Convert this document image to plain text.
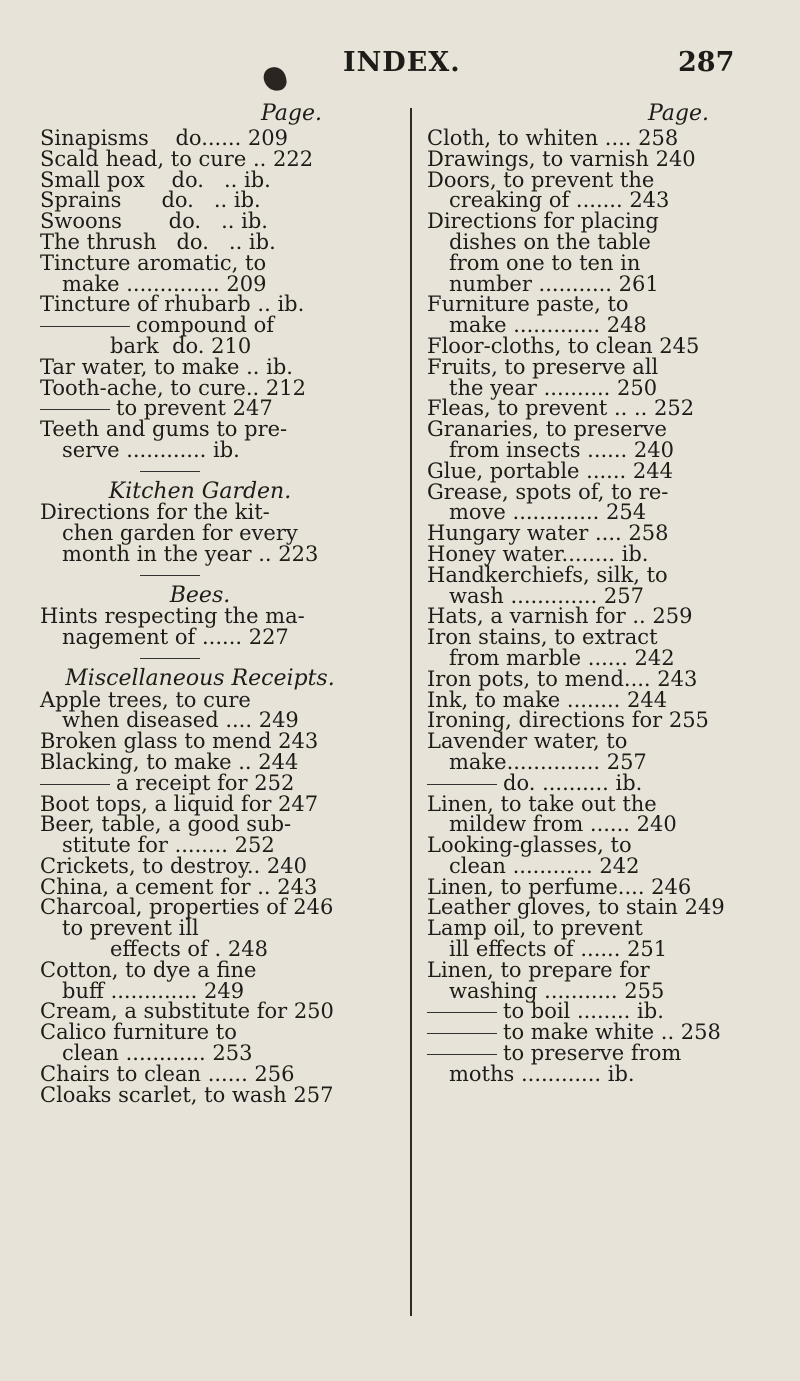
INDEX.	287
Page.
Sinapisms    do...... 209
Scald head, to cure .. 222
Small pox    do.   .. ib.
Sprains      do.   .. ib.
Swoons       do.   .. ib.
The thrush   do.   .. ib.
Tincture aromatic, to
make .............. 209
Tincture of rhubarb .. ib.
compound of
bark  do. 210
Tar water, to make .. ib.
Tooth-ache, to cure.. 212
to prevent 247
Teeth and gums to pre-
serve ............ ib.
Kitchen Garden.
Directions for the kit-
chen garden for every
month in the year .. 223
Bees.
Hints respecting the ma-
nagement of ...... 227
Miscellaneous Receipts.
Apple trees, to cure
when diseased .... 249
Broken glass to mend 243
Blacking, to make .. 244
a receipt for 252
Boot tops, a liquid for 247
Beer, table, a good sub-
stitute for ........ 252
Crickets, to destroy.. 240
China, a cement for .. 243
Charcoal, properties of 246
to prevent ill
effects of . 248
Cotton, to dye a fine
buff ............. 249
Cream, a substitute for 250
Calico furniture to
clean ............ 253
Chairs to clean ...... 256
Cloaks scarlet, to wash 257
Page.
Cloth, to whiten .... 258
Drawings, to varnish 240
Doors, to prevent the
creaking of ....... 243
Directions for placing
dishes on the table
from one to ten in
number ........... 261
Furniture paste, to
make ............. 248
Floor-cloths, to clean 245
Fruits, to preserve all
the year .......... 250
Fleas, to prevent .. .. 252
Granaries, to preserve
from insects ...... 240
Glue, portable ...... 244
Grease, spots of, to re-
move ............. 254
Hungary water .... 258
Honey water........ ib.
Handkerchiefs, silk, to
wash ............. 257
Hats, a varnish for .. 259
Iron stains, to extract
from marble ...... 242
Iron pots, to mend.... 243
Ink, to make ........ 244
Ironing, directions for 255
Lavender water, to
make.............. 257
do. .......... ib.
Linen, to take out the
mildew from ...... 240
Looking-glasses, to
clean ............ 242
Linen, to perfume.... 246
Leather gloves, to stain 249
Lamp oil, to prevent
ill effects of ...... 251
Linen, to prepare for
washing ........... 255
to boil ........ ib.
to make white .. 258
to preserve from
moths ............ ib.
